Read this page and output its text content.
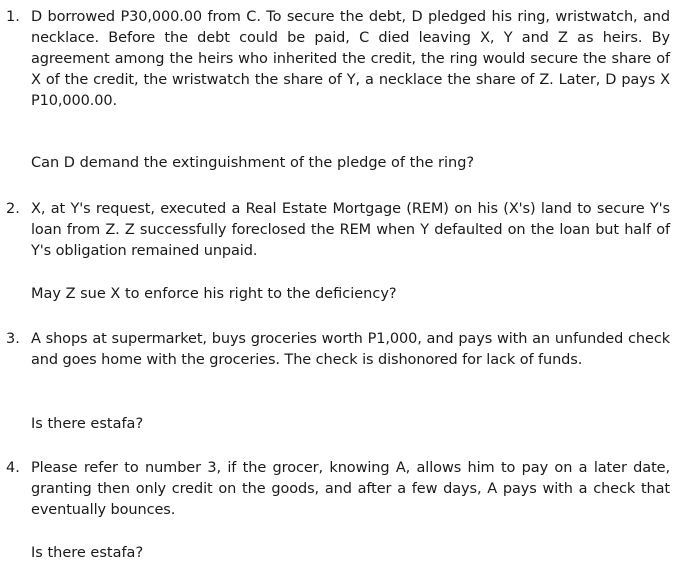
1. D borrowed P30,000.00 from C. To secure the debt, D pledged his ring, wristwatch, and necklace. Before the debt could be paid, C died leaving X, Y and Z as heirs. By agreement among the heirs who inherited the credit, the ring would secure the share of X of the credit, the wristwatch the share of Y, a necklace the share of Z. Later, D pays X P10,000.00.
Can D demand the extinguishment of the pledge of the ring?
2. X, at Y's request, executed a Real Estate Mortgage (REM) on his (X's) land to secure Y's loan from Z. Z successfully foreclosed the REM when Y defaulted on the loan but half of Y's obligation remained unpaid.
May Z sue X to enforce his right to the deficiency?
3. A shops at supermarket, buys groceries worth P1,000, and pays with an unfunded check and goes home with the groceries. The check is dishonored for lack of funds.
Is there estafa?
4. Please refer to number 3, if the grocer, knowing A, allows him to pay on a later date, granting then only credit on the goods, and after a few days, A pays with a check that eventually bounces.
Is there estafa?
